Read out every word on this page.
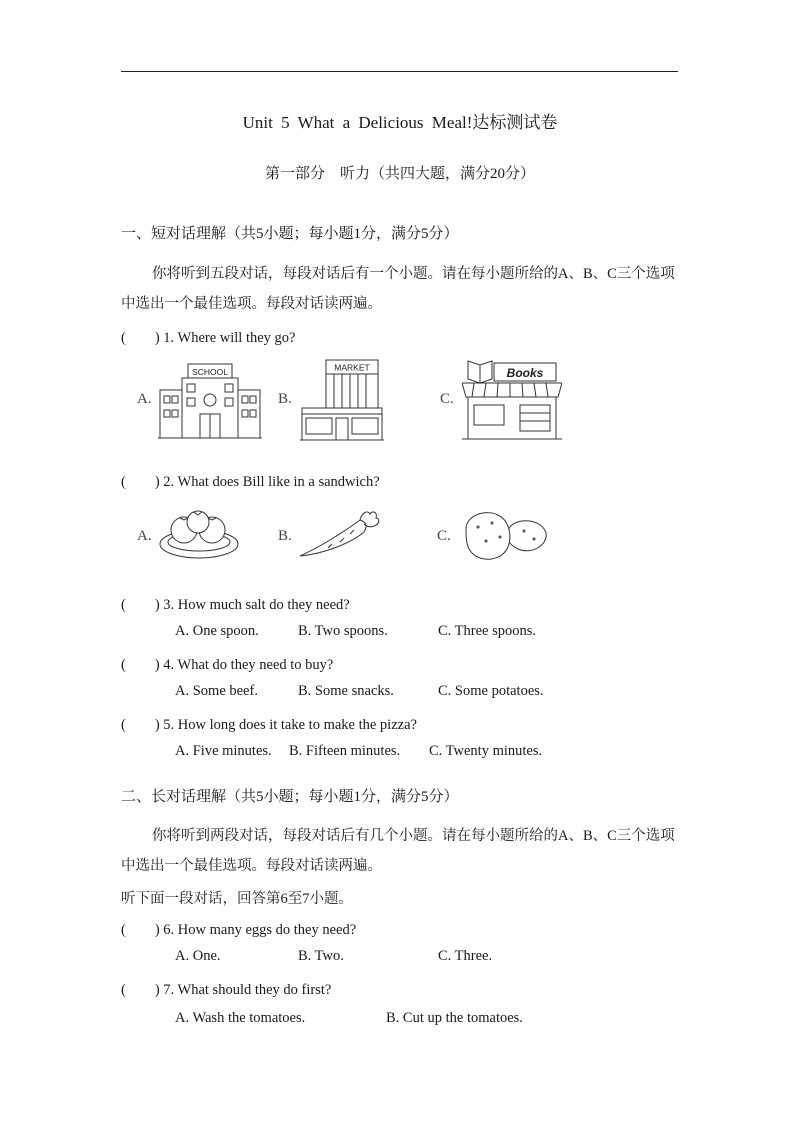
Unit 5 What a Delicious Meal!达标测试卷
第一部分　听力（共四大题，满分20分）
一、短对话理解（共5小题；每小题1分，满分5分）
你将听到五段对话，每段对话后有一个小题。请在每小题所给的A、B、C三个选项中选出一个最佳选项。每段对话读两遍。
(　　) 1. Where will they go?
A.
SCHOOL
B.
MARKET
C.
Books
(　　) 2. What does Bill like in a sandwich?
A.	B.	C.
(　　) 3. How much salt do they need?
A. One spoon.	B. Two spoons.	C. Three spoons.
(　　) 4. What do they need to buy?
A. Some beef.	B. Some snacks.	C. Some potatoes.
(　　) 5. How long does it take to make the pizza?
A. Five minutes. B. Fifteen minutes. C. Twenty minutes.
二、长对话理解（共5小题；每小题1分，满分5分）
你将听到两段对话，每段对话后有几个小题。请在每小题所给的A、B、C三个选项中选出一个最佳选项。每段对话读两遍。
听下面一段对话，回答第6至7小题。
(　　) 6. How many eggs do they need?
A. One.	B. Two.	C. Three.
(　　) 7. What should they do first?
A. Wash the tomatoes.	B. Cut up the tomatoes.
